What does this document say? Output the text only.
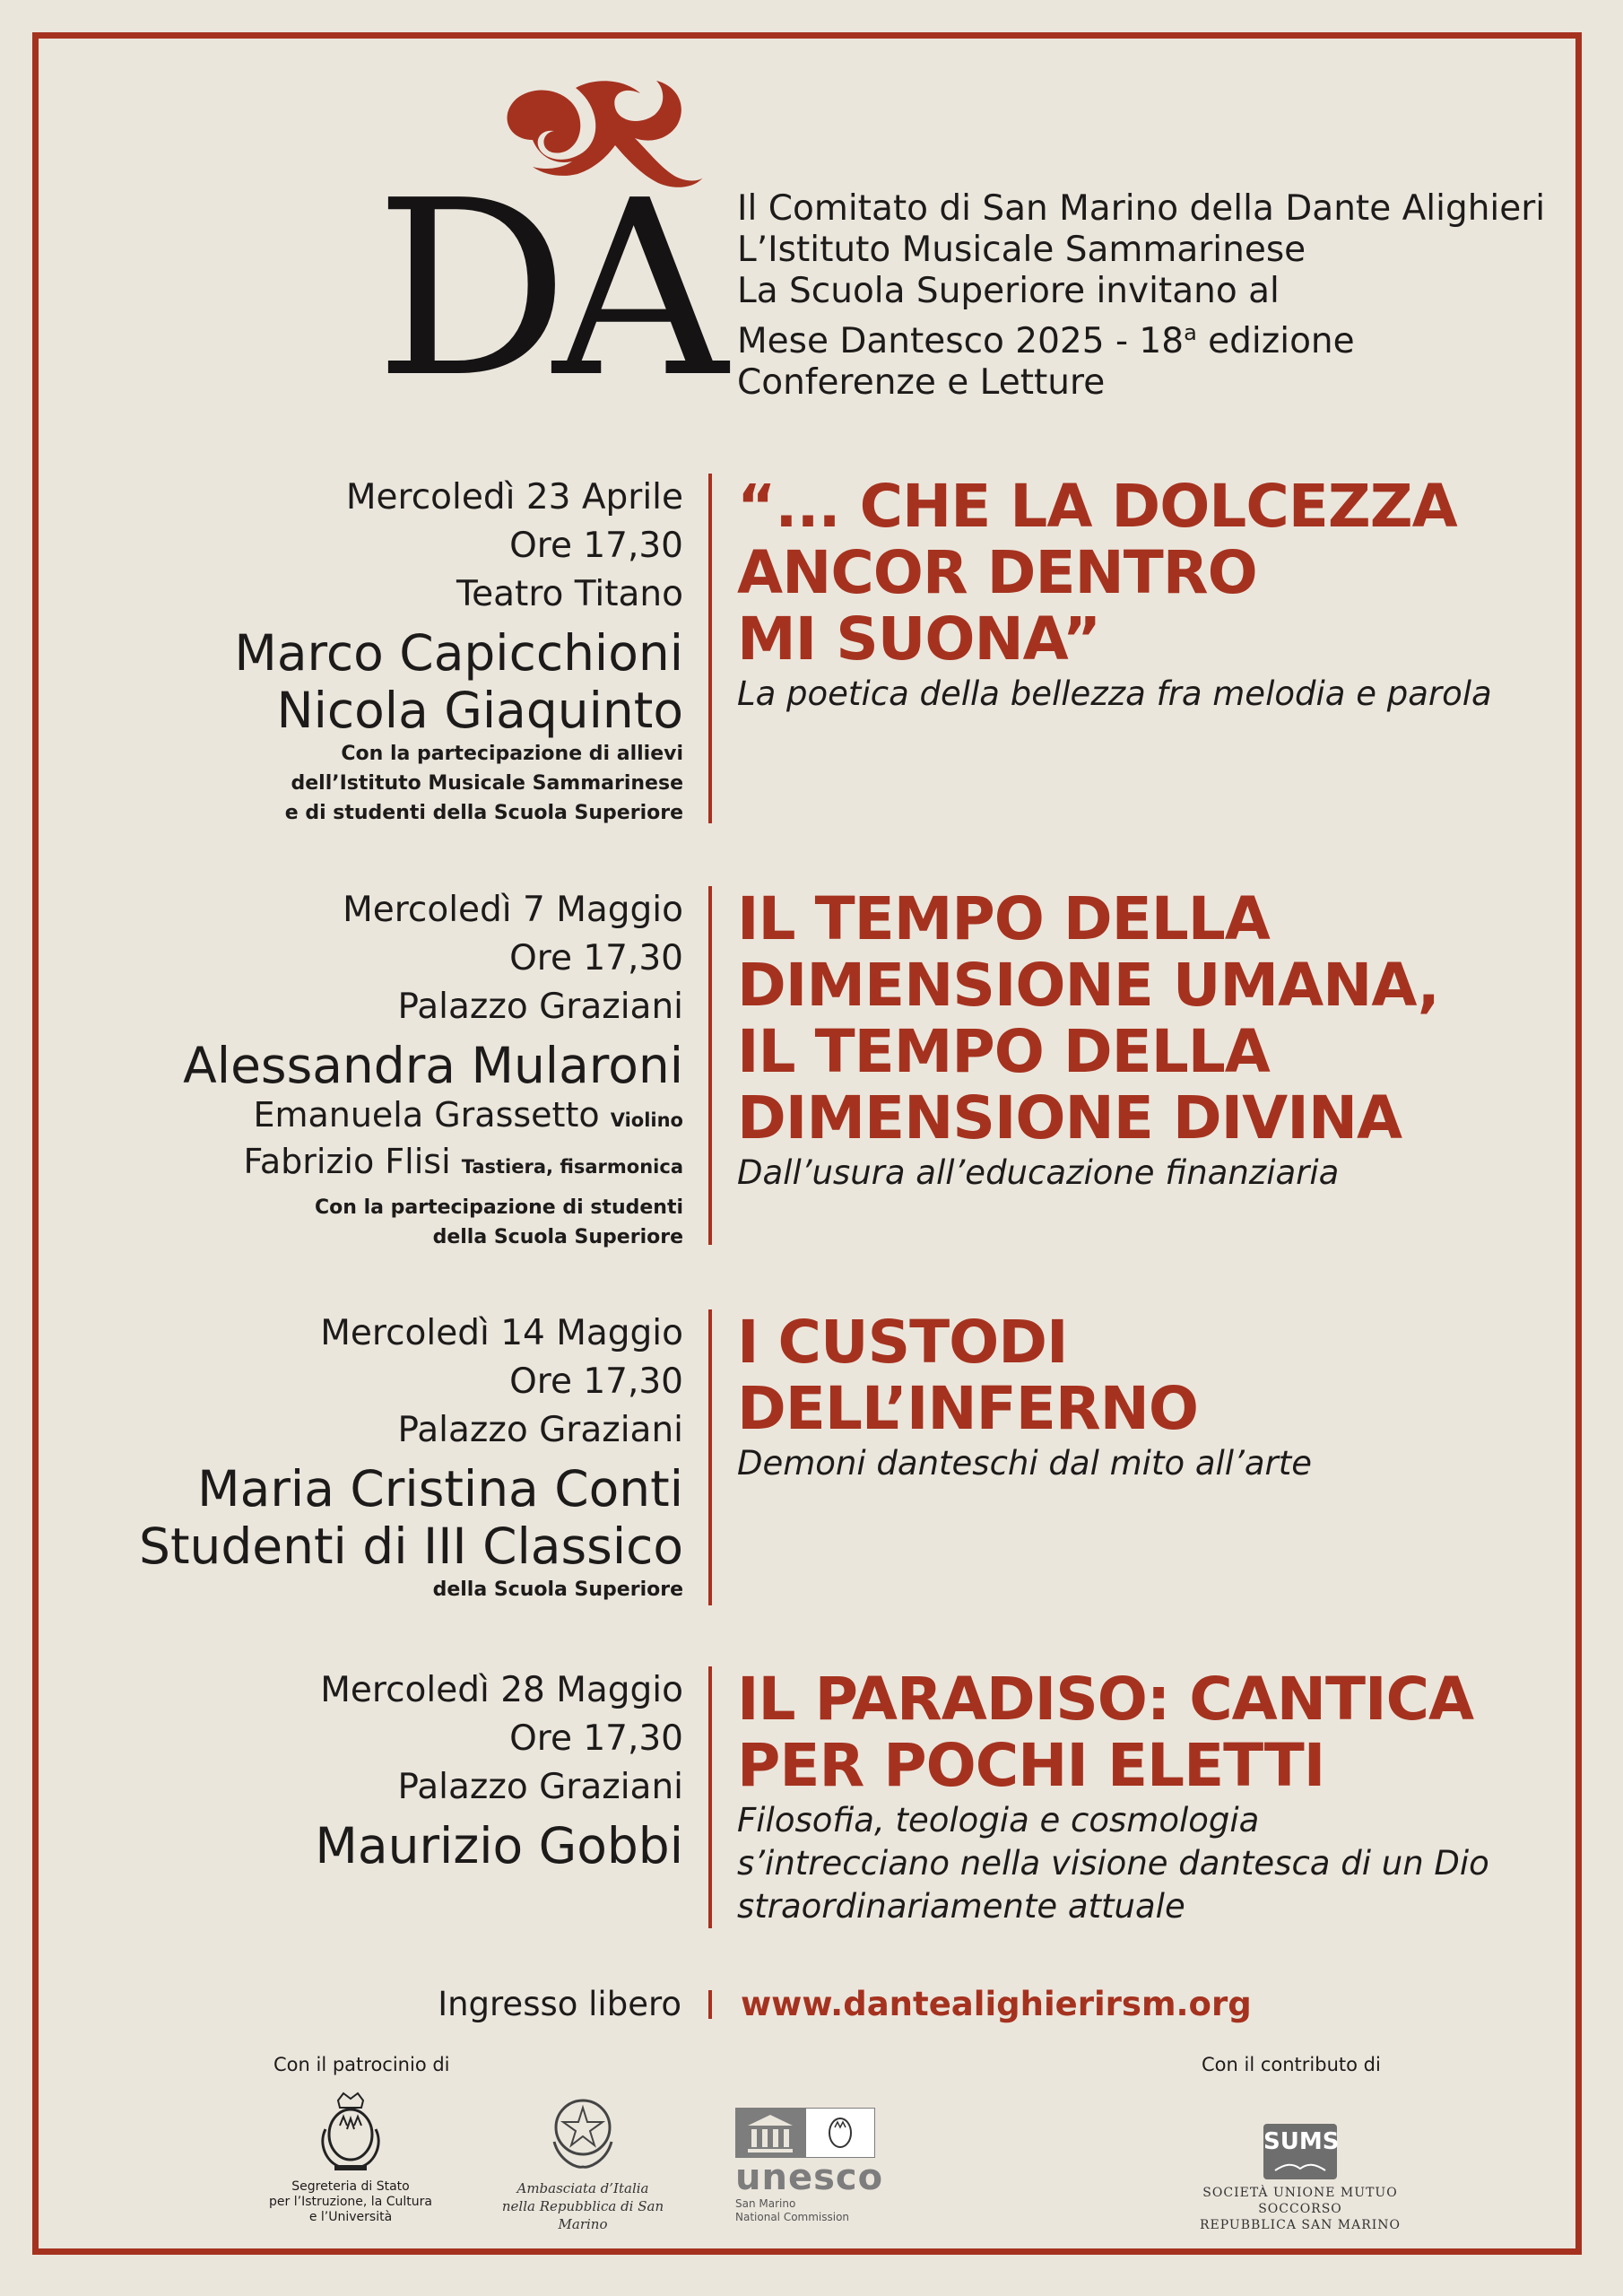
DA Il Comitato di San Marino della Dante Alighieri
L’Istituto Musicale Sammarinese
La Scuola Superiore invitano al
Mese Dantesco 2025 - 18$^a$ edizione
Conferenze e Letture
Mercoledì 23 Aprile
Ore 17,30
Teatro Titano
Marco Capicchioni
Nicola Giaquinto
Con la partecipazione di allievi
dell’Istituto Musicale Sammarinese
e di studenti della Scuola Superiore
“... CHE LA DOLCEZZA
ANCOR DENTRO
MI SUONA”
La poetica della bellezza fra melodia e parola
Mercoledì 7 Maggio
Ore 17,30
Palazzo Graziani
Alessandra Mularoni
Emanuela Grassetto Violino
Fabrizio Flisi Tastiera, fisarmonica
Con la partecipazione di studenti
della Scuola Superiore
IL TEMPO DELLA
DIMENSIONE UMANA,
IL TEMPO DELLA
DIMENSIONE DIVINA
Dall’usura all’educazione finanziaria
Mercoledì 14 Maggio
Ore 17,30
Palazzo Graziani
Maria Cristina Conti
Studenti di III Classico
della Scuola Superiore
I CUSTODI
DELL’INFERNO
Demoni danteschi dal mito all’arte
Mercoledì 28 Maggio
Ore 17,30
Palazzo Graziani
Maurizio Gobbi
IL PARADISO: CANTICA
PER POCHI ELETTI
Filosofia, teologia e cosmologia
s’intrecciano nella visione dantesca di un Dio
straordinariamente attuale
Ingresso libero www.dantealighierirsm.org
Con il patrocinio di	Con il contributo di
Segreteria di Stato
per l’Istruzione, la Cultura
e l’Università
Ambasciata d’Italia
nella Repubblica di San Marino
unesco
San Marino
National Commission
SUMS
SOCIETÀ UNIONE MUTUO SOCCORSO
REPUBBLICA SAN MARINO
